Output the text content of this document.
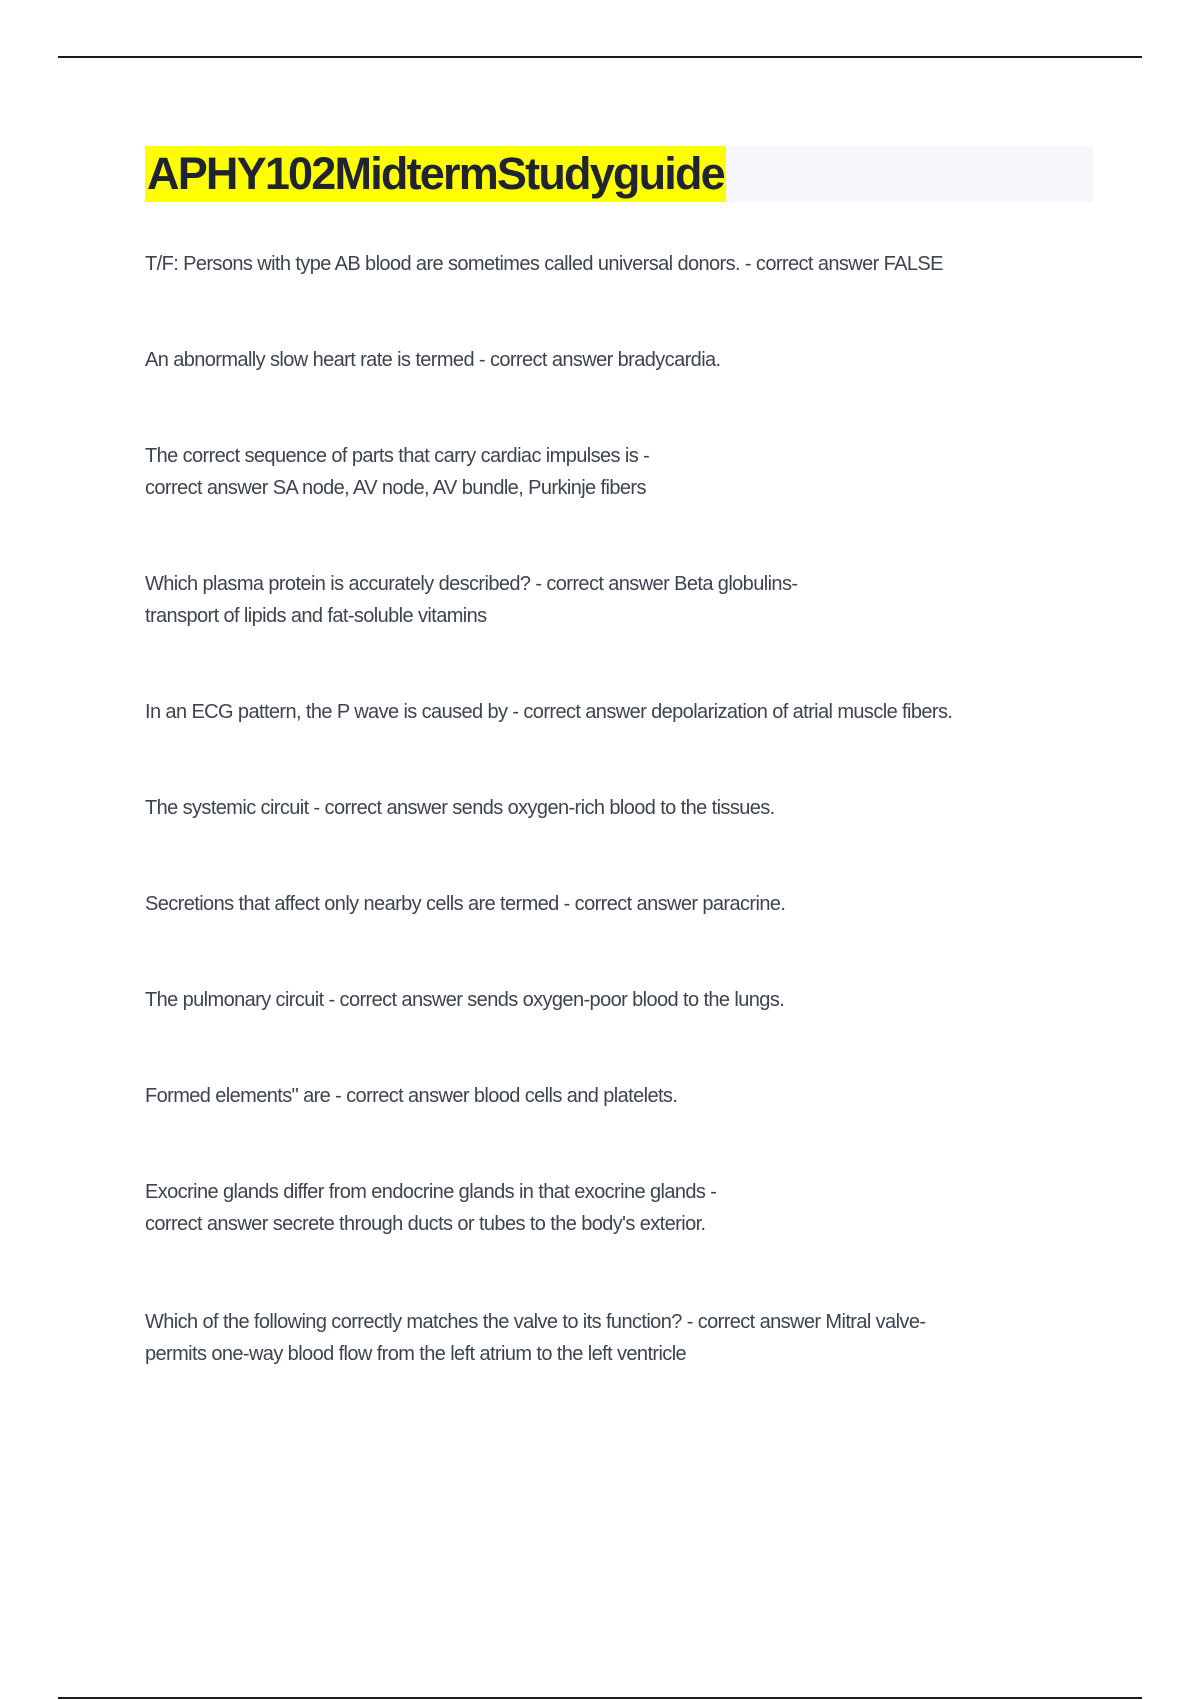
APHY102MidtermStudyguide

T/F: Persons with type AB blood are sometimes called universal donors. - correct answer FALSE

An abnormally slow heart rate is termed - correct answer bradycardia.

The correct sequence of parts that carry cardiac impulses is -
correct answer SA node, AV node, AV bundle, Purkinje fibers

Which plasma protein is accurately described? - correct answer Beta globulins-
transport of lipids and fat-soluble vitamins

In an ECG pattern, the P wave is caused by - correct answer depolarization of atrial muscle fibers.

The systemic circuit - correct answer sends oxygen-rich blood to the tissues.

Secretions that affect only nearby cells are termed - correct answer paracrine.

The pulmonary circuit - correct answer sends oxygen-poor blood to the lungs.

Formed elements" are - correct answer blood cells and platelets.

Exocrine glands differ from endocrine glands in that exocrine glands -
correct answer secrete through ducts or tubes to the body's exterior.

Which of the following correctly matches the valve to its function? - correct answer Mitral valve-
permits one-way blood flow from the left atrium to the left ventricle
